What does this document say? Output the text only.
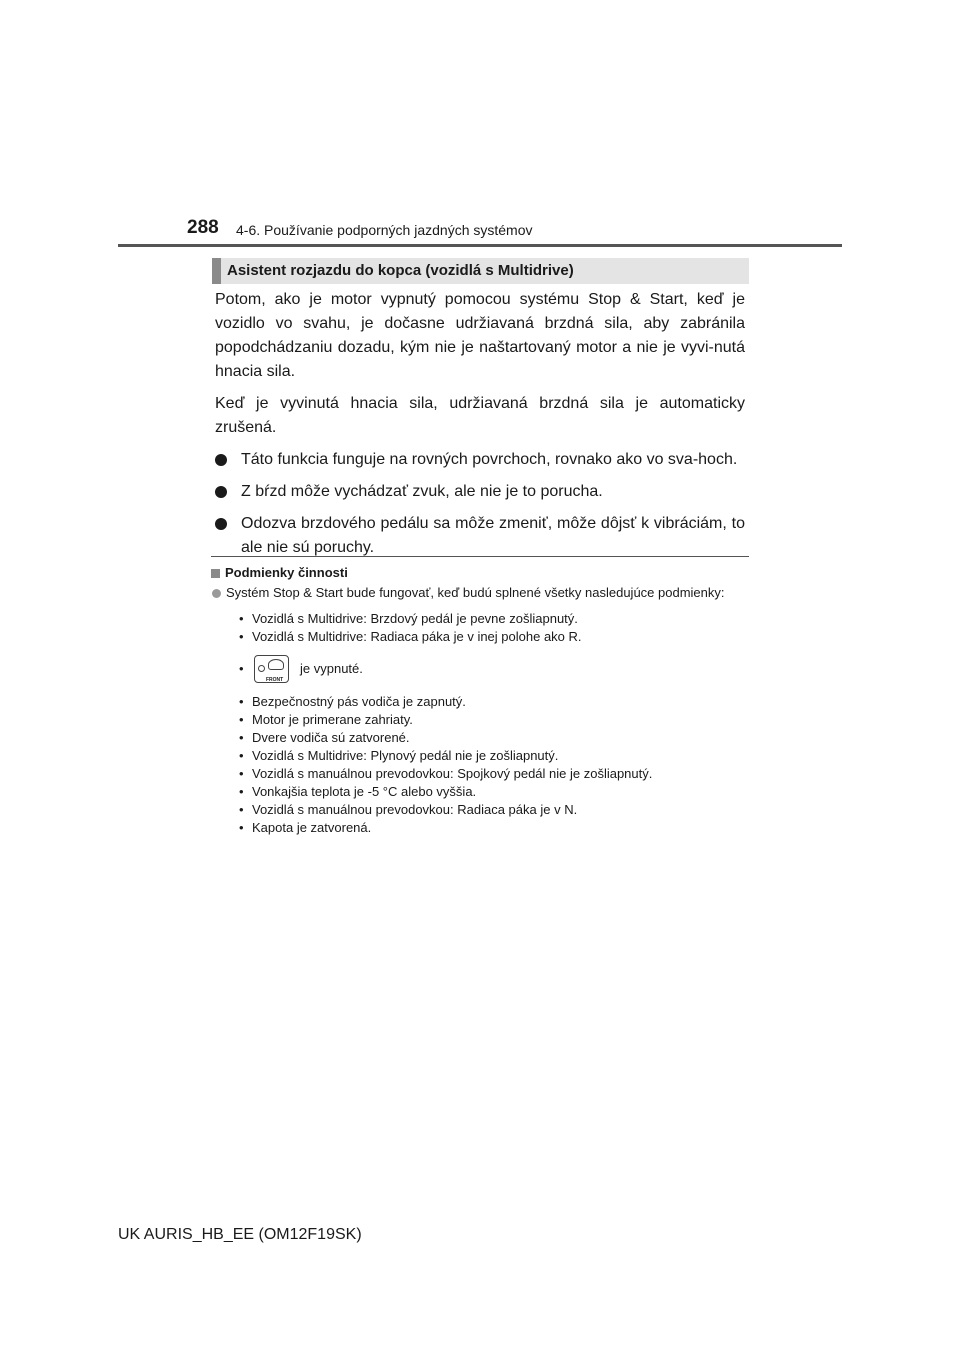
288 4-6. Používanie podporných jazdných systémov
Asistent rozjazdu do kopca (vozidlá s Multidrive)

Potom, ako je motor vypnutý pomocou systému Stop & Start, keď je vozidlo vo svahu, je dočasne udržiavaná brzdná sila, aby zabránila popodchádzaniu dozadu, kým nie je naštartovaný motor a nie je vyvi-nutá hnacia sila.

Keď je vyvinutá hnacia sila, udržiavaná brzdná sila je automaticky zrušená.

Táto funkcia funguje na rovných povrchoch, rovnako ako vo sva-hoch.
Z bŕzd môže vychádzať zvuk, ale nie je to porucha.
Odozva brzdového pedálu sa môže zmeniť, môže dôjsť k vibráciám, to ale nie sú poruchy.
Podmienky činnosti
Systém Stop & Start bude fungovať, keď budú splnené všetky nasledujúce podmienky:
• Vozidlá s Multidrive: Brzdový pedál je pevne zošliapnutý.
• Vozidlá s Multidrive: Radiaca páka je v inej polohe ako R.
•
FRONT
je vypnuté.
• Bezpečnostný pás vodiča je zapnutý.
• Motor je primerane zahriaty.
• Dvere vodiča sú zatvorené.
• Vozidlá s Multidrive: Plynový pedál nie je zošliapnutý.
• Vozidlá s manuálnou prevodovkou: Spojkový pedál nie je zošliapnutý.
• Vonkajšia teplota je -5 °C alebo vyššia.
• Vozidlá s manuálnou prevodovkou: Radiaca páka je v N.
• Kapota je zatvorená.
UK AURIS_HB_EE (OM12F19SK)
